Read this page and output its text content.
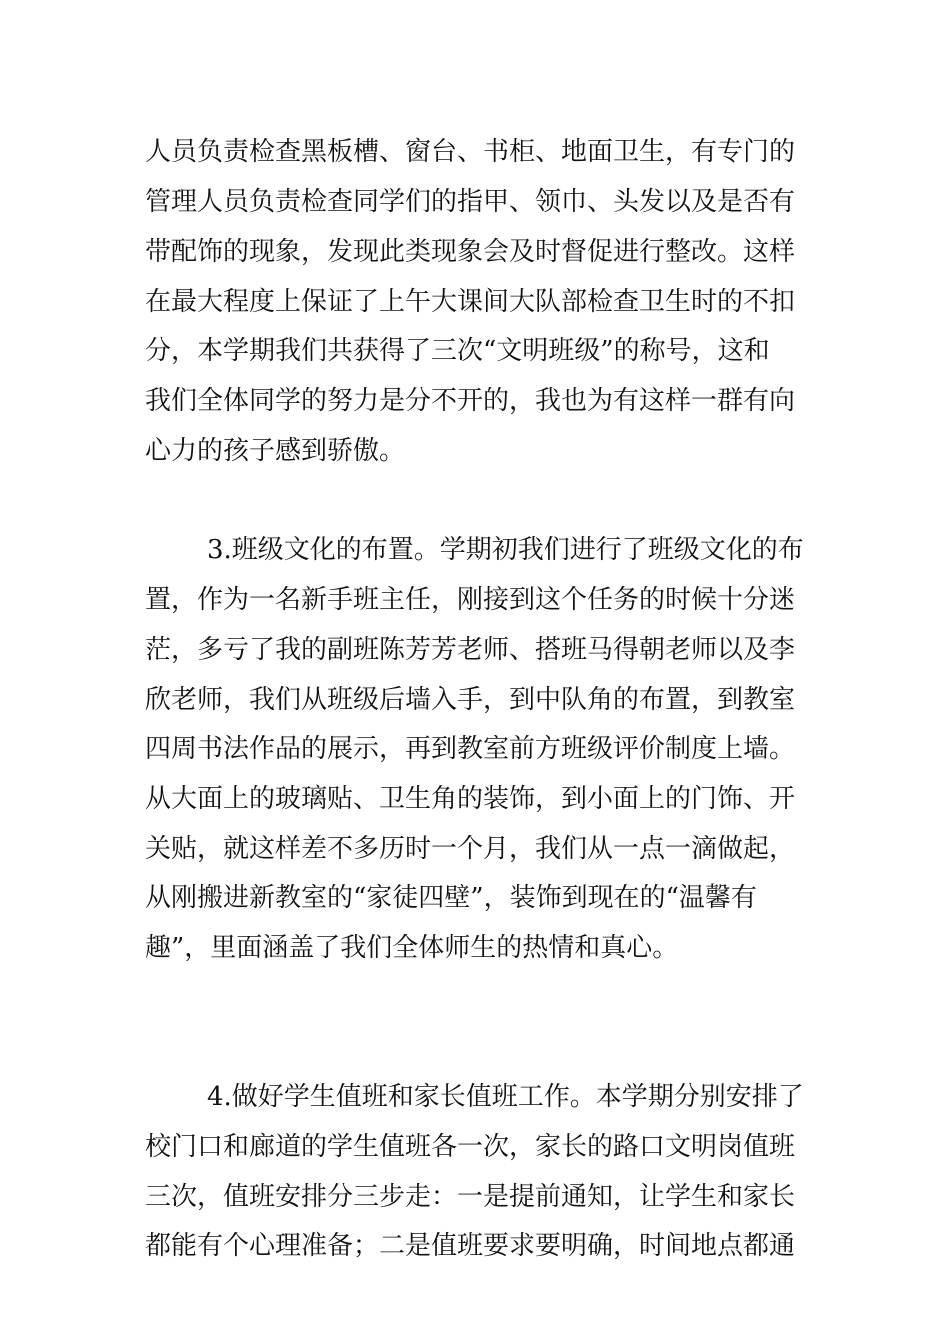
人员负责检查黑板槽、窗台、书柜、地面卫生，有专门的
管理人员负责检查同学们的指甲、领巾、头发以及是否有
带配饰的现象，发现此类现象会及时督促进行整改。这样
在最大程度上保证了上午大课间大队部检查卫生时的不扣
分，本学期我们共获得了三次“文明班级”的称号，这和
我们全体同学的努力是分不开的，我也为有这样一群有向
心力的孩子感到骄傲。
3.班级文化的布置。学期初我们进行了班级文化的布
置，作为一名新手班主任，刚接到这个任务的时候十分迷
茫，多亏了我的副班陈芳芳老师、搭班马得朝老师以及李
欣老师，我们从班级后墙入手，到中队角的布置，到教室
四周书法作品的展示，再到教室前方班级评价制度上墙。
从大面上的玻璃贴、卫生角的装饰，到小面上的门饰、开
关贴，就这样差不多历时一个月，我们从一点一滴做起，
从刚搬进新教室的“家徒四壁”，装饰到现在的“温馨有
趣”，里面涵盖了我们全体师生的热情和真心。
4.做好学生值班和家长值班工作。本学期分别安排了
校门口和廊道的学生值班各一次，家长的路口文明岗值班
三次，值班安排分三步走：一是提前通知，让学生和家长
都能有个心理准备；二是值班要求要明确，时间地点都通
